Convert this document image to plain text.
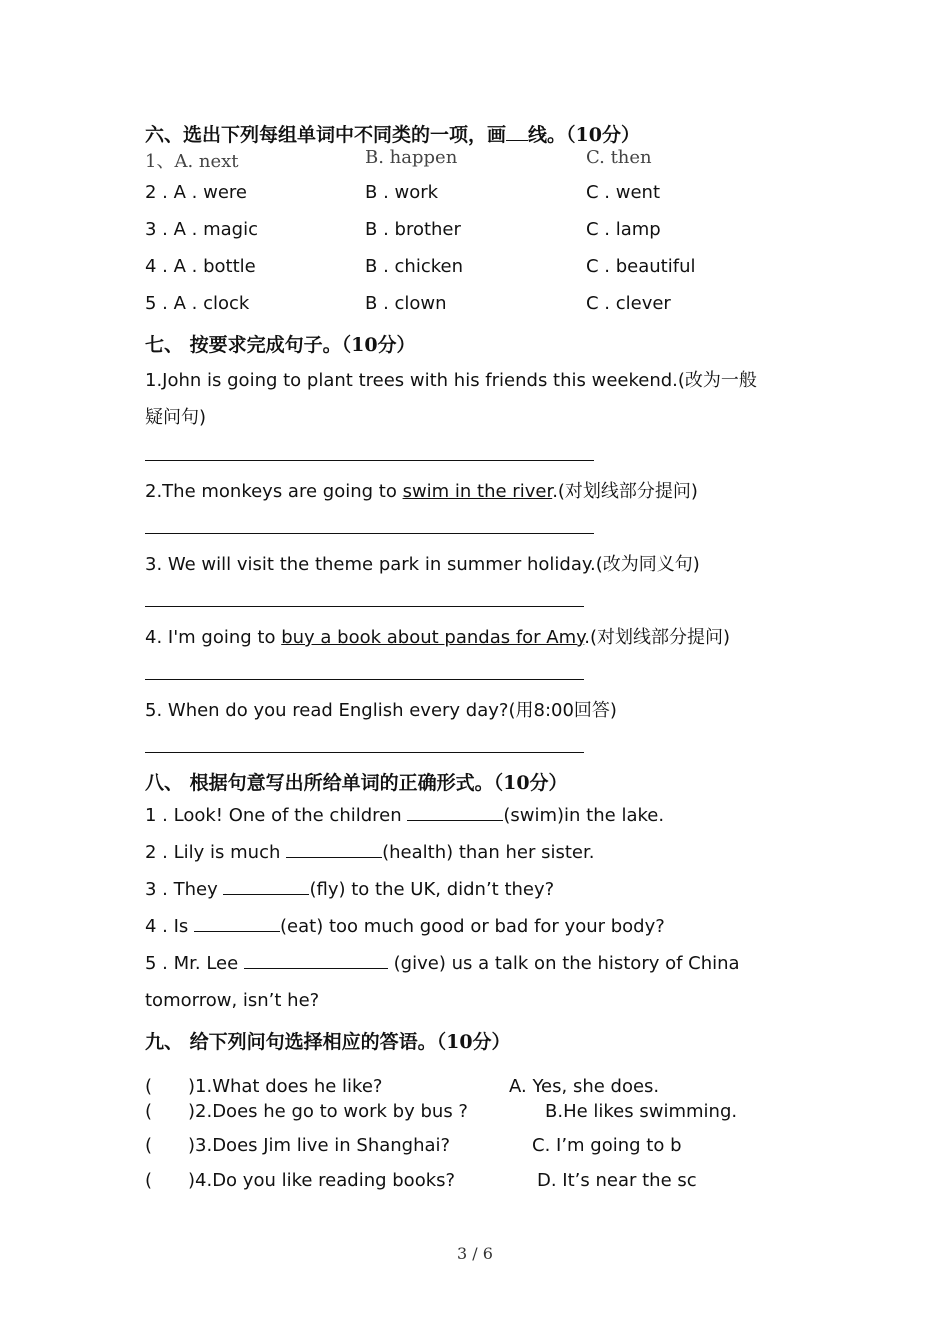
六、选出下列每组单词中不同类的一项，画 线。（10分）
1、A. next	B. happen	C. then
2 . A . were	B . work	C . went
3 . A . magic	B . brother	C . lamp
4 . A . bottle	B . chicken	C . beautiful
5 . A . clock	B . clown	C . clever
七、 按要求完成句子。（10分）
1.John is going to plant trees with his friends this weekend.(改为一般
疑问句)
2.The monkeys are going to swim in the river.(对划线部分提问)
3. We will visit the theme park in summer holiday.(改为同义句)
4. I'm going to buy a book about pandas for Amy.(对划线部分提问)
5. When do you read English every day?(用8:00回答)
八、 根据句意写出所给单词的正确形式。（10分）
1 . Look! One of the children	(swim)in the lake.
2 . Lily is much	(health) than her sister.
3 . They	(fly) to the UK, didn’t they?
4 . Is	(eat) too much good or bad for your body?
5 . Mr. Lee	(give) us a talk on the history of China
tomorrow, isn’t he?
九、 给下列问句选择相应的答语。（10分）
( )1.What does he like?	A. Yes, she does.
( )2.Does he go to work by bus ?	B.He likes swimming.
( )3.Does Jim live in Shanghai?	C. I’m going to b
( )4.Do you like reading books?	D. It’s near the sc
3 / 6
